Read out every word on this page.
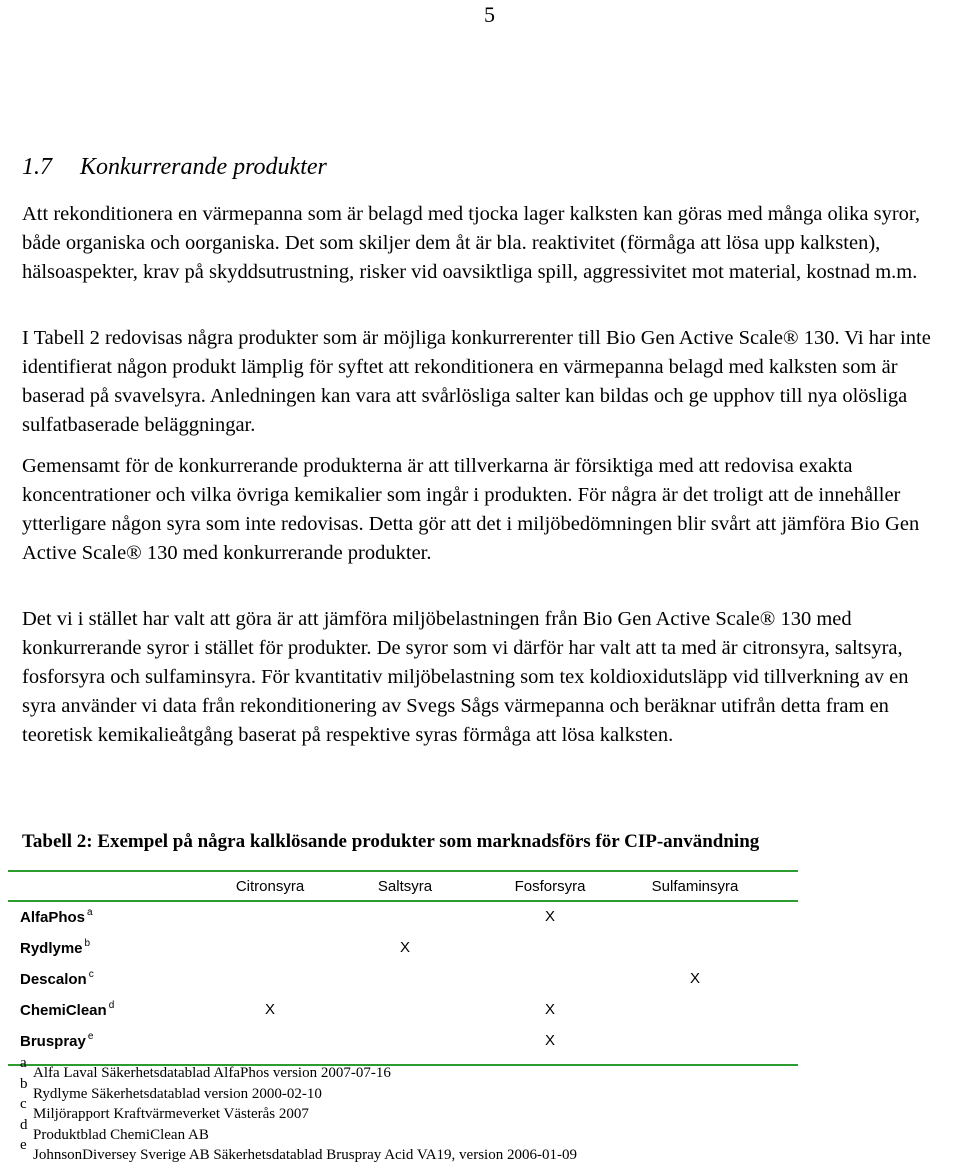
5
1.7 Konkurrerande produkter

Att rekonditionera en värmepanna som är belagd med tjocka lager kalksten kan göras med många olika syror, både organiska och oorganiska. Det som skiljer dem åt är bla. reaktivitet (förmåga att lösa upp kalksten), hälsoaspekter, krav på skyddsutrustning, risker vid oavsiktliga spill, aggressivitet mot material, kostnad m.m.

I Tabell 2 redovisas några produkter som är möjliga konkurrerenter till Bio Gen Active Scale® 130. Vi har inte identifierat någon produkt lämplig för syftet att rekonditionera en värmepanna belagd med kalksten som är baserad på svavelsyra. Anledningen kan vara att svårlösliga salter kan bildas och ge upphov till nya olösliga sulfatbaserade beläggningar.

Gemensamt för de konkurrerande produkterna är att tillverkarna är försiktiga med att redovisa exakta koncentrationer och vilka övriga kemikalier som ingår i produkten. För några är det troligt att de innehåller ytterligare någon syra som inte redovisas. Detta gör att det i miljöbedömningen blir svårt att jämföra Bio Gen Active Scale® 130 med konkurrerande produkter.

Det vi i stället har valt att göra är att jämföra miljöbelastningen från Bio Gen Active Scale® 130 med konkurrerande syror i stället för produkter. De syror som vi därför har valt att ta med är citronsyra, saltsyra, fosforsyra och sulfaminsyra. För kvantitativ miljöbelastning som tex koldioxidutsläpp vid tillverkning av en syra använder vi data från rekonditionering av Svegs Sågs värmepanna och beräknar utifrån detta fram en teoretisk kemikalieåtgång baserat på respektive syras förmåga att lösa kalksten.

Tabell 2: Exempel på några kalklösande produkter som marknadsförs för CIP-användning

	Citronsyra	Saltsyra	Fosforsyra	Sulfaminsyra
AlfaPhos $^a$			X	
Rydlyme $^b$		X		
Descalon $^c$				X
ChemiClean $^d$	X		X	
Bruspray $^e$			X	
a
Alfa Laval Säkerhetsdatablad AlfaPhos version 2007-07-16
b
Rydlyme Säkerhetsdatablad version 2000-02-10
c
Miljörapport Kraftvärmeverket Västerås 2007
d
Produktblad ChemiClean AB
e
JohnsonDiversey Sverige AB Säkerhetsdatablad Bruspray Acid VA19, version 2006-01-09
